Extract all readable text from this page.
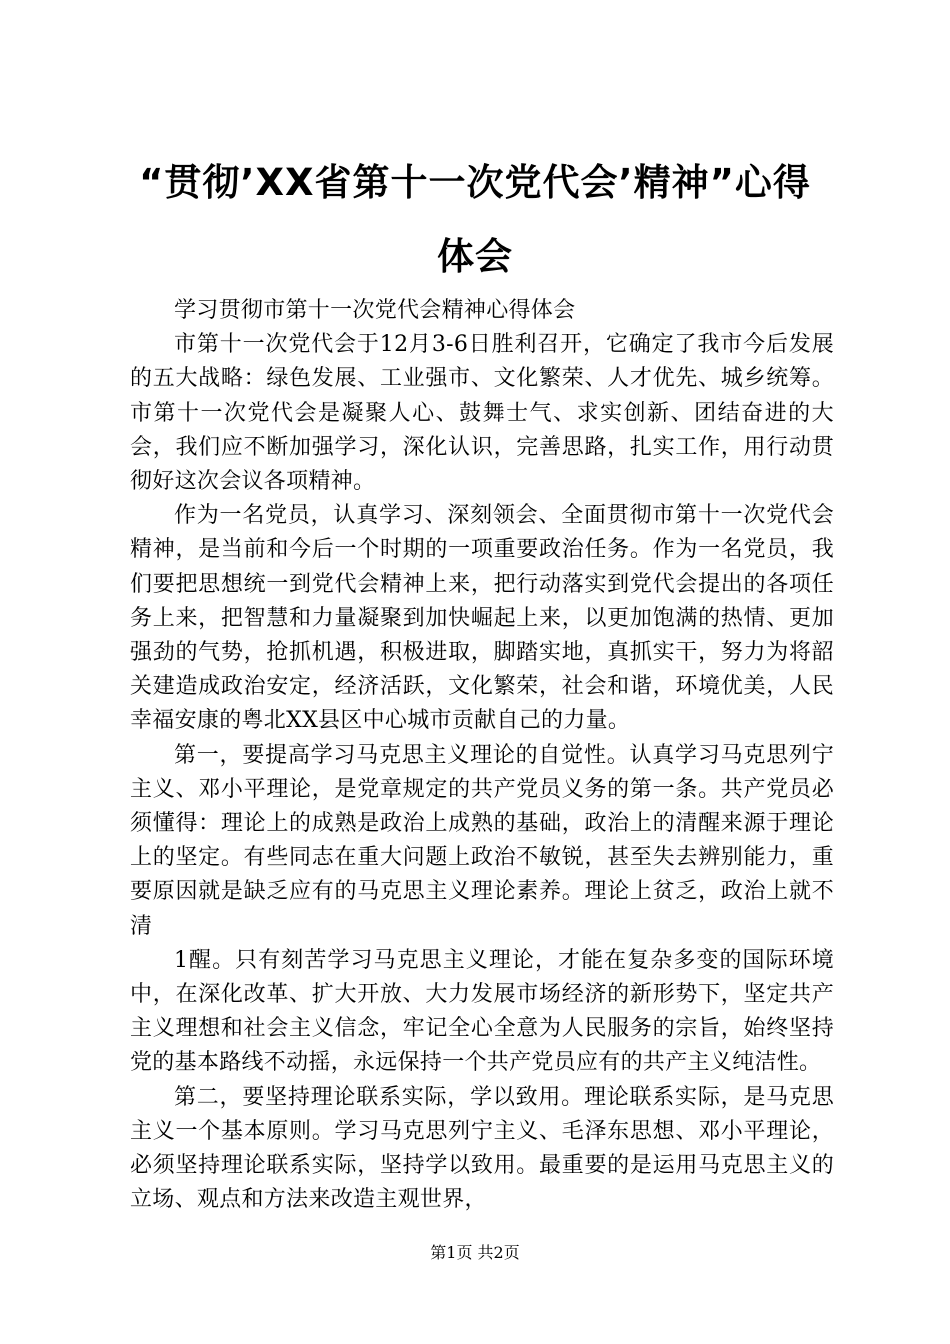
“贯彻’XX省第十一次党代会’精神”心得
体会

学习贯彻市第十一次党代会精神心得体会

市第十一次党代会于12月3-6日胜利召开，它确定了我市今后发展的五大战略：绿色发展、工业强市、文化繁荣、人才优先、城乡统筹。市第十一次党代会是凝聚人心、鼓舞士气、求实创新、团结奋进的大会，我们应不断加强学习，深化认识，完善思路，扎实工作，用行动贯彻好这次会议各项精神。

作为一名党员，认真学习、深刻领会、全面贯彻市第十一次党代会精神，是当前和今后一个时期的一项重要政治任务。作为一名党员，我们要把思想统一到党代会精神上来，把行动落实到党代会提出的各项任务上来，把智慧和力量凝聚到加快崛起上来，以更加饱满的热情、更加强劲的气势，抢抓机遇，积极进取，脚踏实地，真抓实干，努力为将韶关建造成政治安定，经济活跃，文化繁荣，社会和谐，环境优美，人民幸福安康的粤北XX县区中心城市贡献自己的力量。

第一，要提高学习马克思主义理论的自觉性。认真学习马克思列宁主义、邓小平理论，是党章规定的共产党员义务的第一条。共产党员必须懂得：理论上的成熟是政治上成熟的基础，政治上的清醒来源于理论上的坚定。有些同志在重大问题上政治不敏锐，甚至失去辨别能力，重要原因就是缺乏应有的马克思主义理论素养。理论上贫乏，政治上就不清

1醒。只有刻苦学习马克思主义理论，才能在复杂多变的国际环境中，在深化改革、扩大开放、大力发展市场经济的新形势下，坚定共产主义理想和社会主义信念，牢记全心全意为人民服务的宗旨，始终坚持党的基本路线不动摇，永远保持一个共产党员应有的共产主义纯洁性。

第二，要坚持理论联系实际，学以致用。理论联系实际，是马克思主义一个基本原则。学习马克思列宁主义、毛泽东思想、邓小平理论，必须坚持理论联系实际，坚持学以致用。最重要的是运用马克思主义的立场、观点和方法来改造主观世界，

第1页 共2页
